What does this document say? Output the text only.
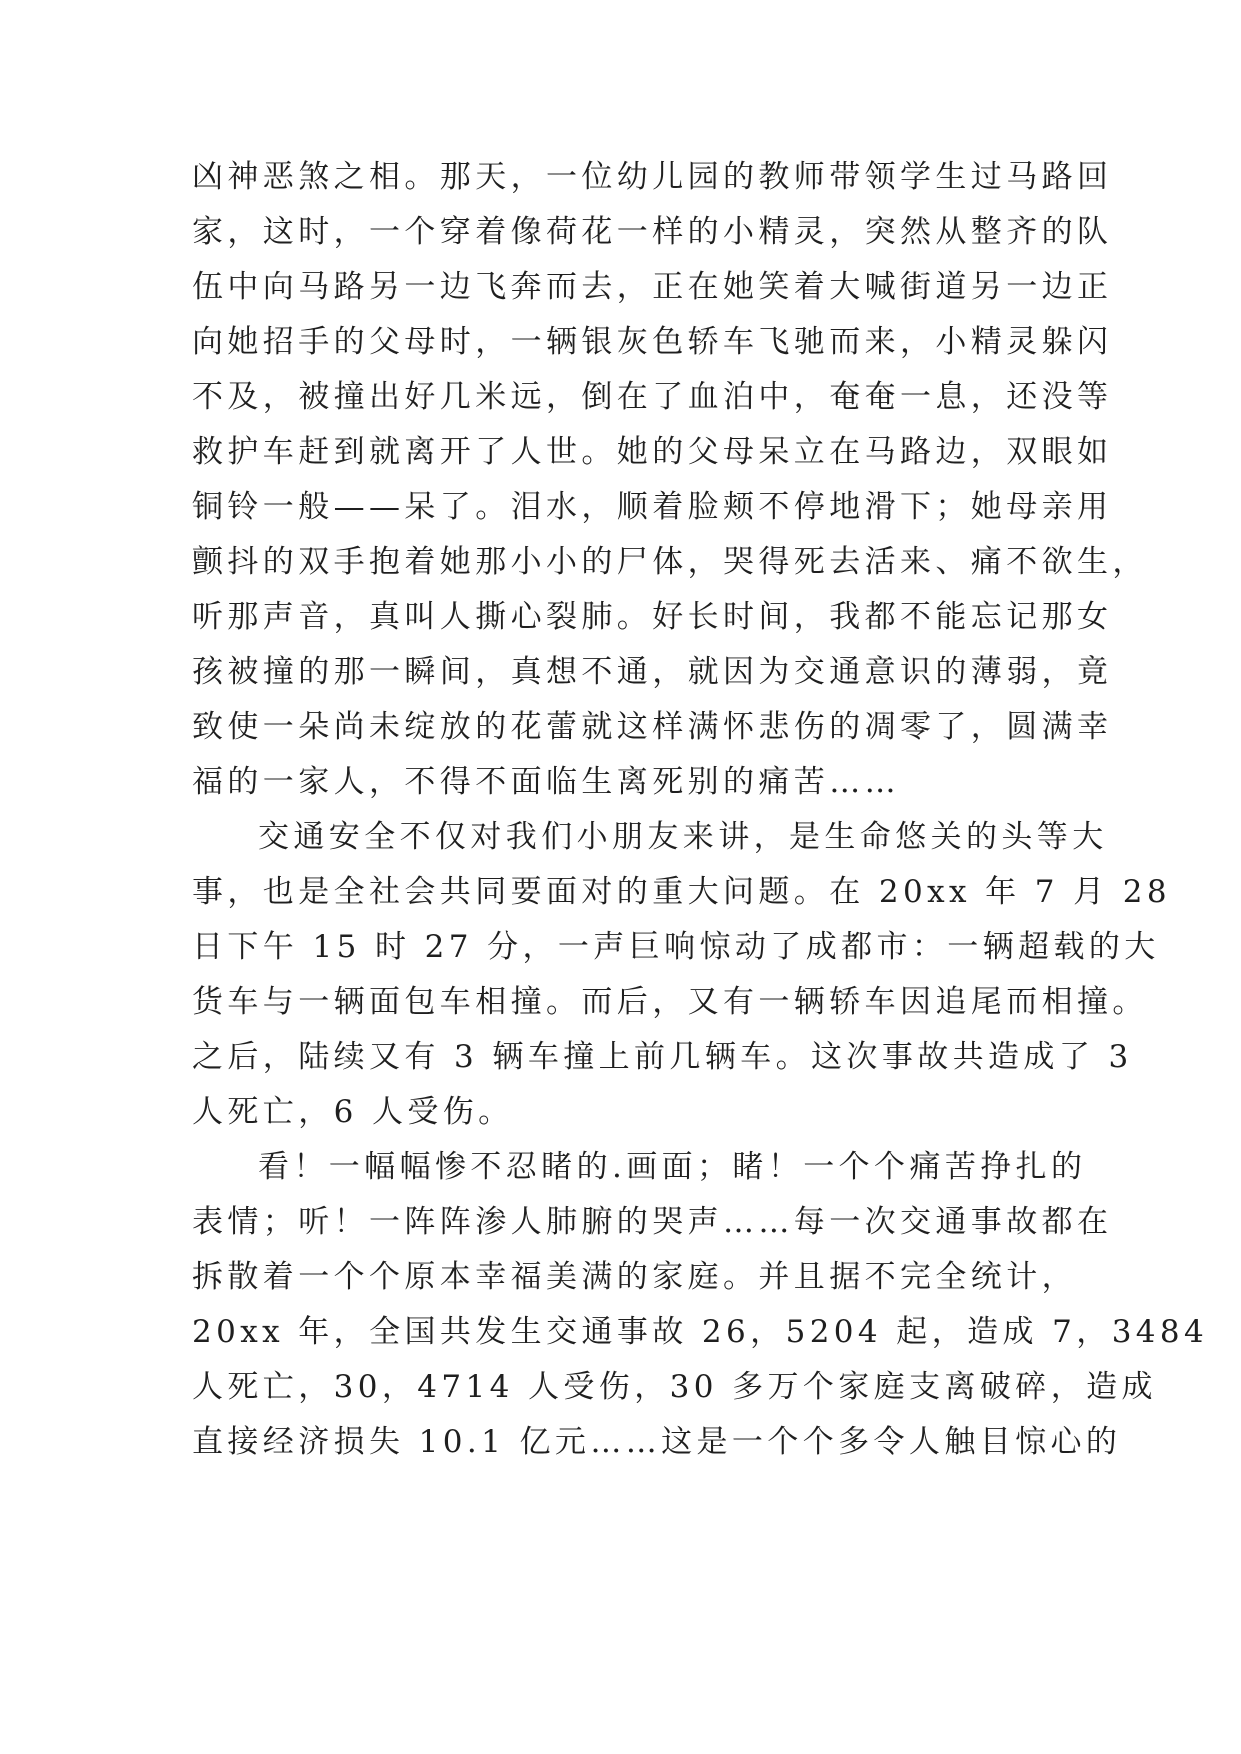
凶神恶煞之相。那天，一位幼儿园的教师带领学生过马路回
家，这时，一个穿着像荷花一样的小精灵，突然从整齐的队
伍中向马路另一边飞奔而去，正在她笑着大喊街道另一边正
向她招手的父母时，一辆银灰色轿车飞驰而来，小精灵躲闪
不及，被撞出好几米远，倒在了血泊中，奄奄一息，还没等
救护车赶到就离开了人世。她的父母呆立在马路边，双眼如
铜铃一般——呆了。泪水，顺着脸颊不停地滑下；她母亲用
颤抖的双手抱着她那小小的尸体，哭得死去活来、痛不欲生，
听那声音，真叫人撕心裂肺。好长时间，我都不能忘记那女
孩被撞的那一瞬间，真想不通，就因为交通意识的薄弱，竟
致使一朵尚未绽放的花蕾就这样满怀悲伤的凋零了，圆满幸
福的一家人，不得不面临生离死别的痛苦……
交通安全不仅对我们小朋友来讲，是生命悠关的头等大
事，也是全社会共同要面对的重大问题。在 20xx 年 7 月 28
日下午 15 时 27 分，一声巨响惊动了成都市：一辆超载的大
货车与一辆面包车相撞。而后，又有一辆轿车因追尾而相撞。
之后，陆续又有 3 辆车撞上前几辆车。这次事故共造成了 3
人死亡，6 人受伤。
看！一幅幅惨不忍睹的.画面；睹！一个个痛苦挣扎的
表情；听！一阵阵渗人肺腑的哭声……每一次交通事故都在
拆散着一个个原本幸福美满的家庭。并且据不完全统计，
20xx 年，全国共发生交通事故 26，5204 起，造成 7，3484
人死亡，30，4714 人受伤，30 多万个家庭支离破碎，造成
直接经济损失 10.1 亿元……这是一个个多令人触目惊心的
